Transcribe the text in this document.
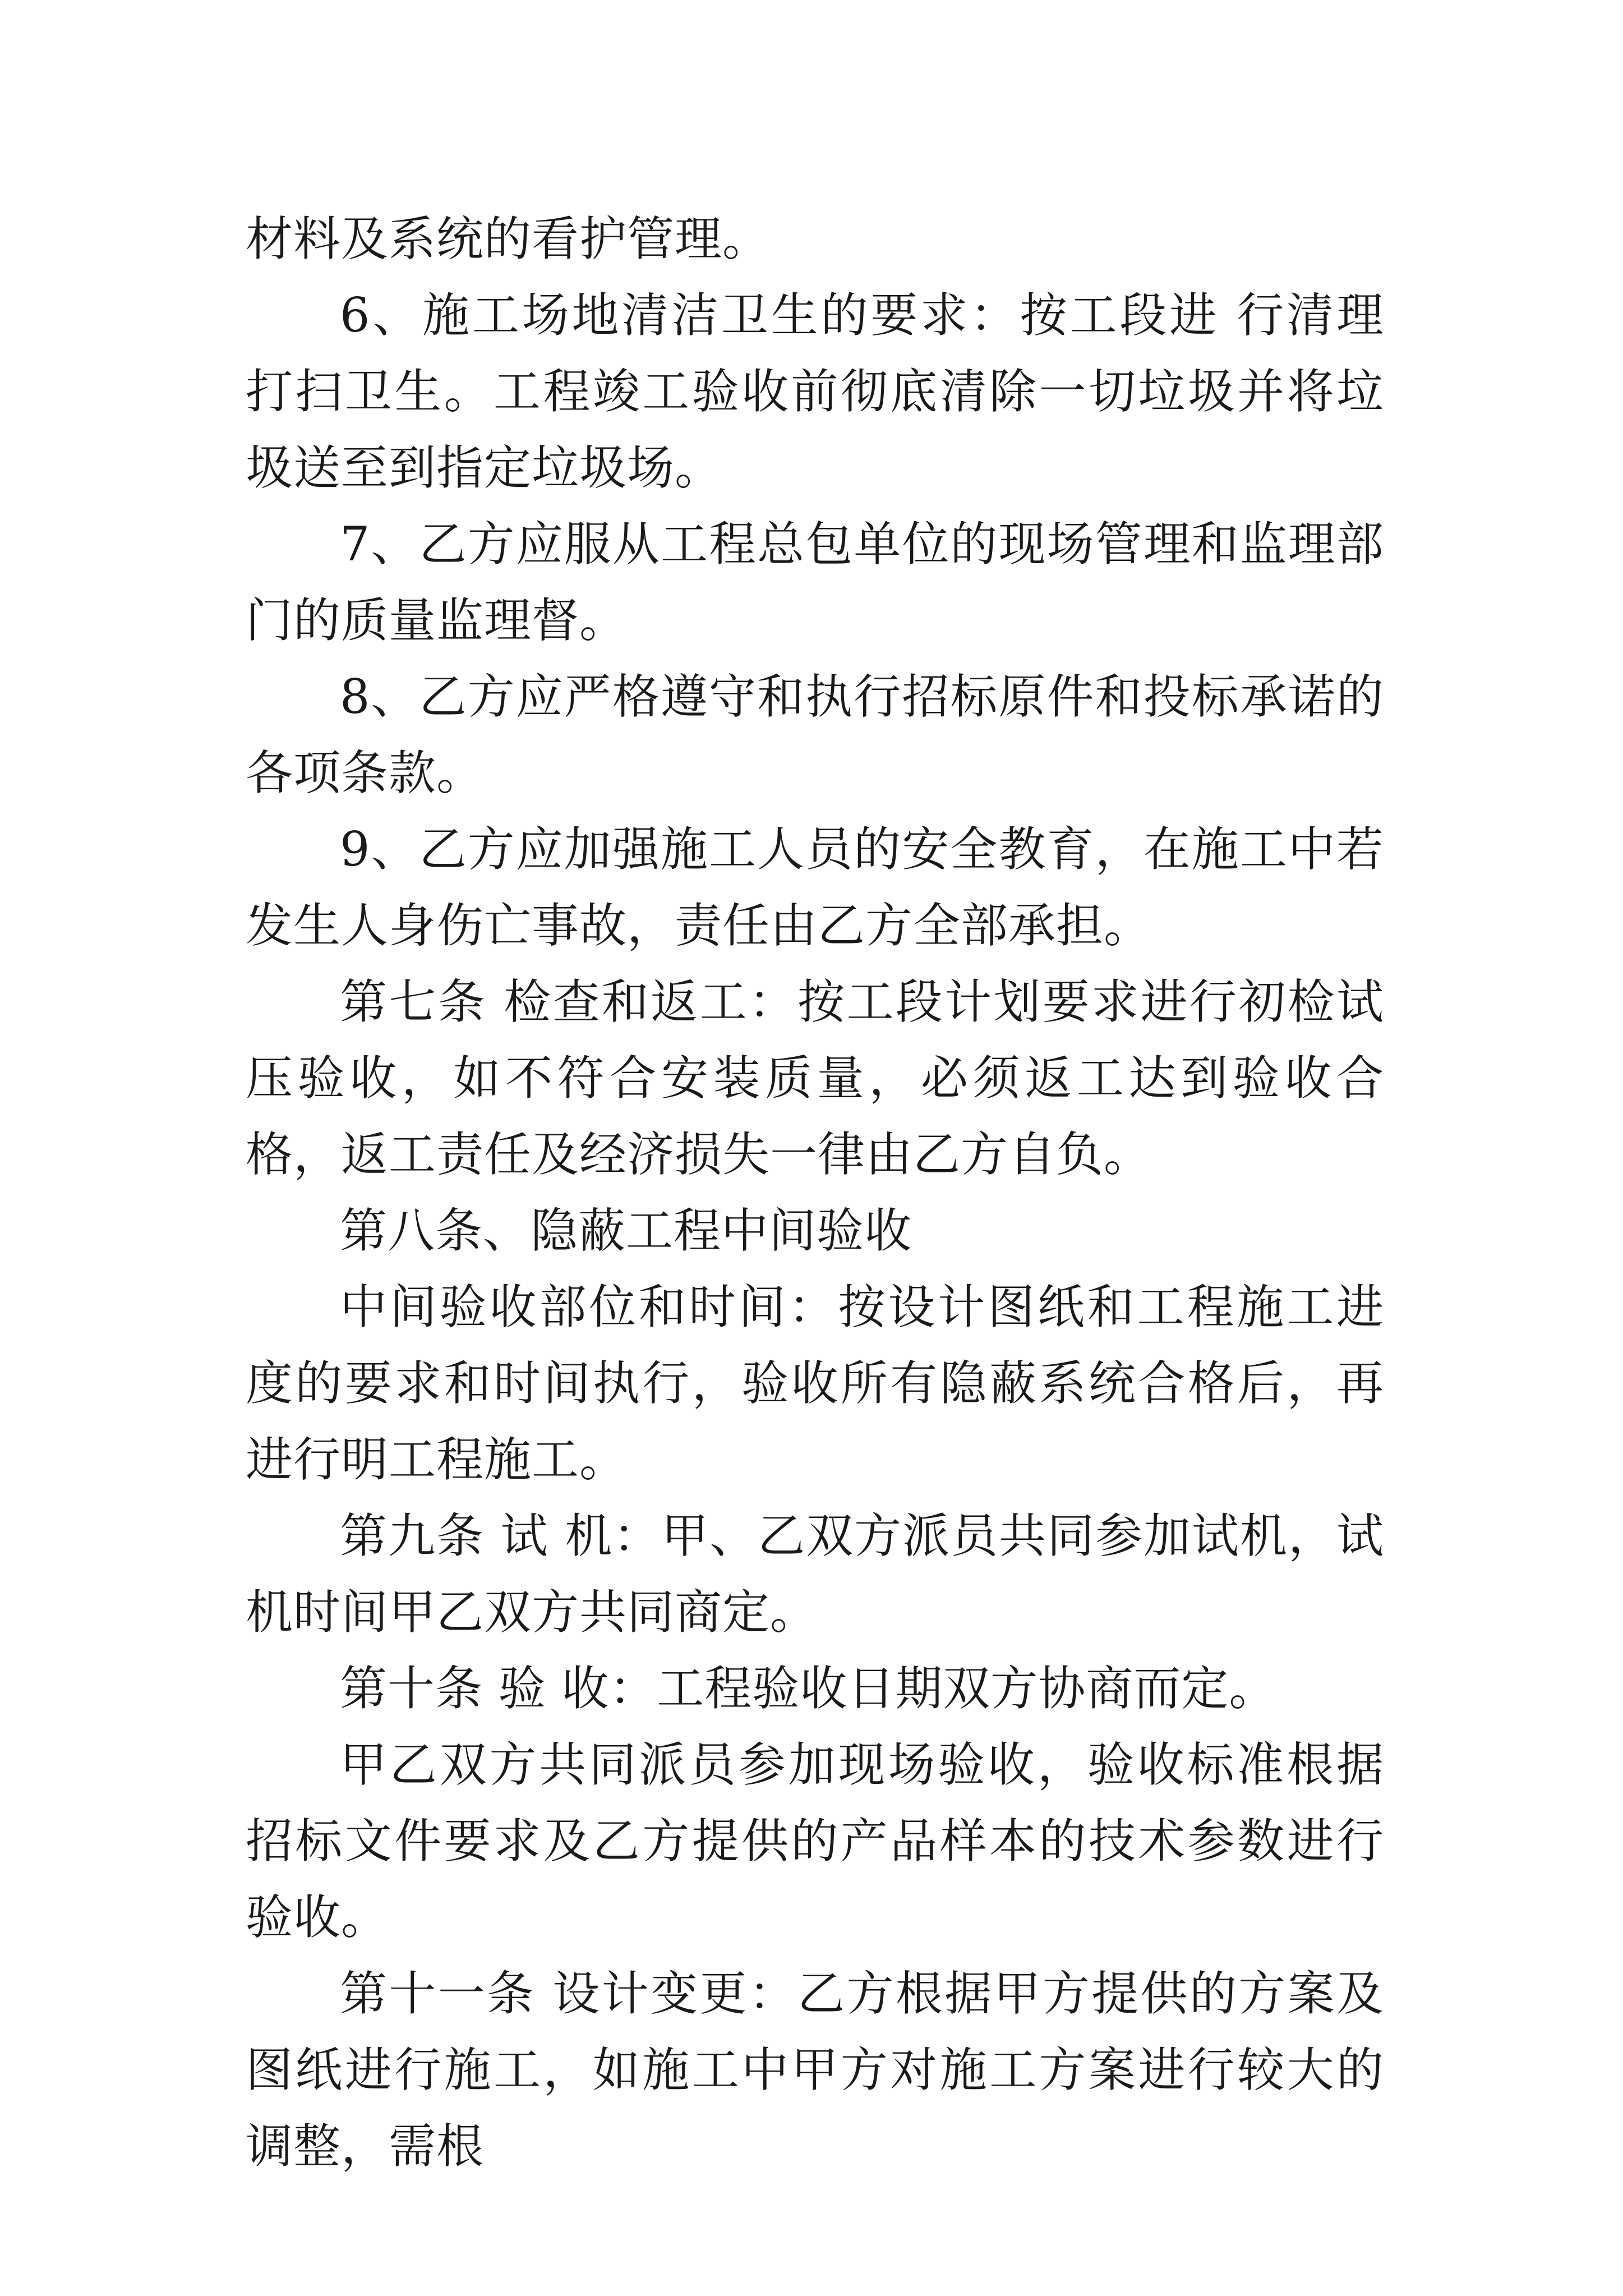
材料及系统的看护管理。

6、施工场地清洁卫生的要求：按工段进 行清理打扫卫生。工程竣工验收前彻底清除一切垃圾并将垃圾送至到指定垃圾场。

7、乙方应服从工程总包单位的现场管理和监理部门的质量监理督。

8、乙方应严格遵守和执行招标原件和投标承诺的各项条款。

9、乙方应加强施工人员的安全教育，在施工中若发生人身伤亡事故，责任由乙方全部承担。

第七条 检查和返工：按工段计划要求进行初检试压验收，如不符合安装质量，必须返工达到验收合格，返工责任及经济损失一律由乙方自负。

第八条、隐蔽工程中间验收

中间验收部位和时间：按设计图纸和工程施工进度的要求和时间执行，验收所有隐蔽系统合格后，再进行明工程施工。

第九条 试 机：甲、乙双方派员共同参加试机，试机时间甲乙双方共同商定。

第十条 验 收：工程验收日期双方协商而定。

甲乙双方共同派员参加现场验收，验收标准根据招标文件要求及乙方提供的产品样本的技术参数进行验收。

第十一条 设计变更：乙方根据甲方提供的方案及图纸进行施工，如施工中甲方对施工方案进行较大的调整，需根
